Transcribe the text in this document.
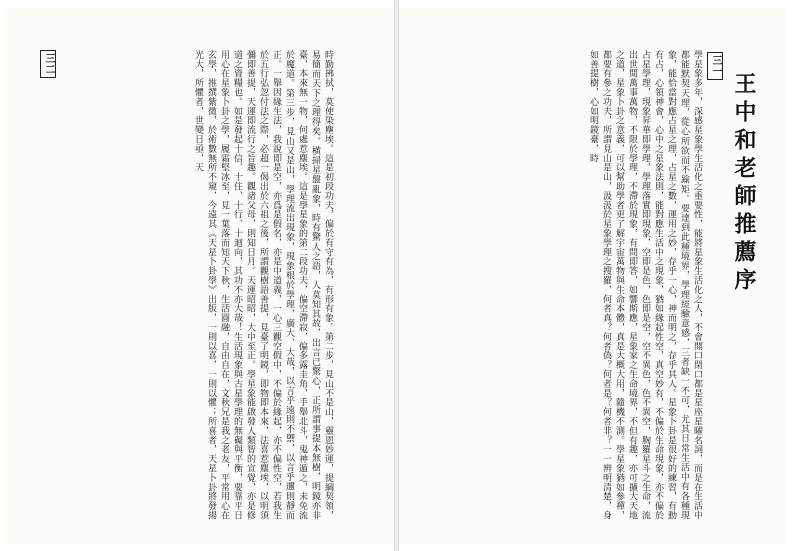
三二	時勤拂拭，莫使染塵埃。這是初段功夫，偏於有守有為，有形有象。第二步，見山不是山，靈恩妙運，提綱契領，易簡而天下之理得矣。横掃星盤亂象，時有驚人之語，人莫知其故，出言已驚心，正所謂事提本無樹，明鏡亦非臺，本來無一物，何處惹塵埃。這是學星象的第二段功夫，偏空滯寂，偏多露圭角，手舉北斗，鬼神遁之，未免流於魔道。第三步，見山又是山，學理流出現象，現象根於學理，廣大、大哉，以言乎遠則不禦，以言乎邇則靜而正。一舉因緣生法，我說即是空，亦爲是假名，亦是中道義，一心三觀空假中，不偏於緣起，亦不偏性空，若我生於五行弘忽付法之際，必超一偈出於六祖之後，所謂觀樹語善提，見臺了明鏡，即物即本來，法喜惹塵埃，以明須彌即善提，天運即流行之旨趣。觀諸父母，則知日月。天運昭昭，大中至正。學星象能啟發人類智的宣覺，亦是修道之資糧也。如是發起十信、十住、十行、十迴向，其功不亦大哉！生活現象與古星學理的無礙與平衡，要靠平日用心在星象卜卦之學，履霜堅冰至，見一葉落而知天下秋，生活圓融，自由自在，文秋兄是我之老友，平常用心在玄學，推撰紫微，於術數無所不窺，今遠其《天星卜卦學》出版，一則以喜，一則以懼；所喜者，天星卜卦將發揚光大，所懼者，世變日亟，天	三一
王中和老師推薦序
學星象多年，深感星象學生活化之重要性，能將星象生活化之人，不會開口閉口都是星座星曜名詞，而是在生活中都能默契天理，從心所欲而不踰矩。要達到此種境界，學理經驗意感，三者缺一不可，尤其日常生活中有各種現象，能恰當對應占星之理，占星之數，運用之妙，存乎一心，神而明之，存乎其人。星象卜卦是很好的練習，有動有占，心領神會，心中之星象法則，能對應生活中之現象，猶如緣起性空，真空妙有，不偏於生命現象，亦不偏於占星學理，現象昇華即學理，學理落實即現象，空即是色，色即是空，空不異色，色不異空，胸羅星斗之生命，流出世間萬事萬物，不限於學理，不滯於現象，有問即答，如響斯應，星象家之生命境界，不但有趣，亦可擴大天地之道，星象卜卦之意義，可以幫助學者更了解宇宙萬物與生命本體，真是大概大用，隨機不測。學星象猶如參禪，都要有參之功夫，所謂見山是山，汲汲於星象學理之搜羅，何者真？何者偽？何者是？何者非？一一辨明清楚，身如善提樹，心如明鏡臺，時
